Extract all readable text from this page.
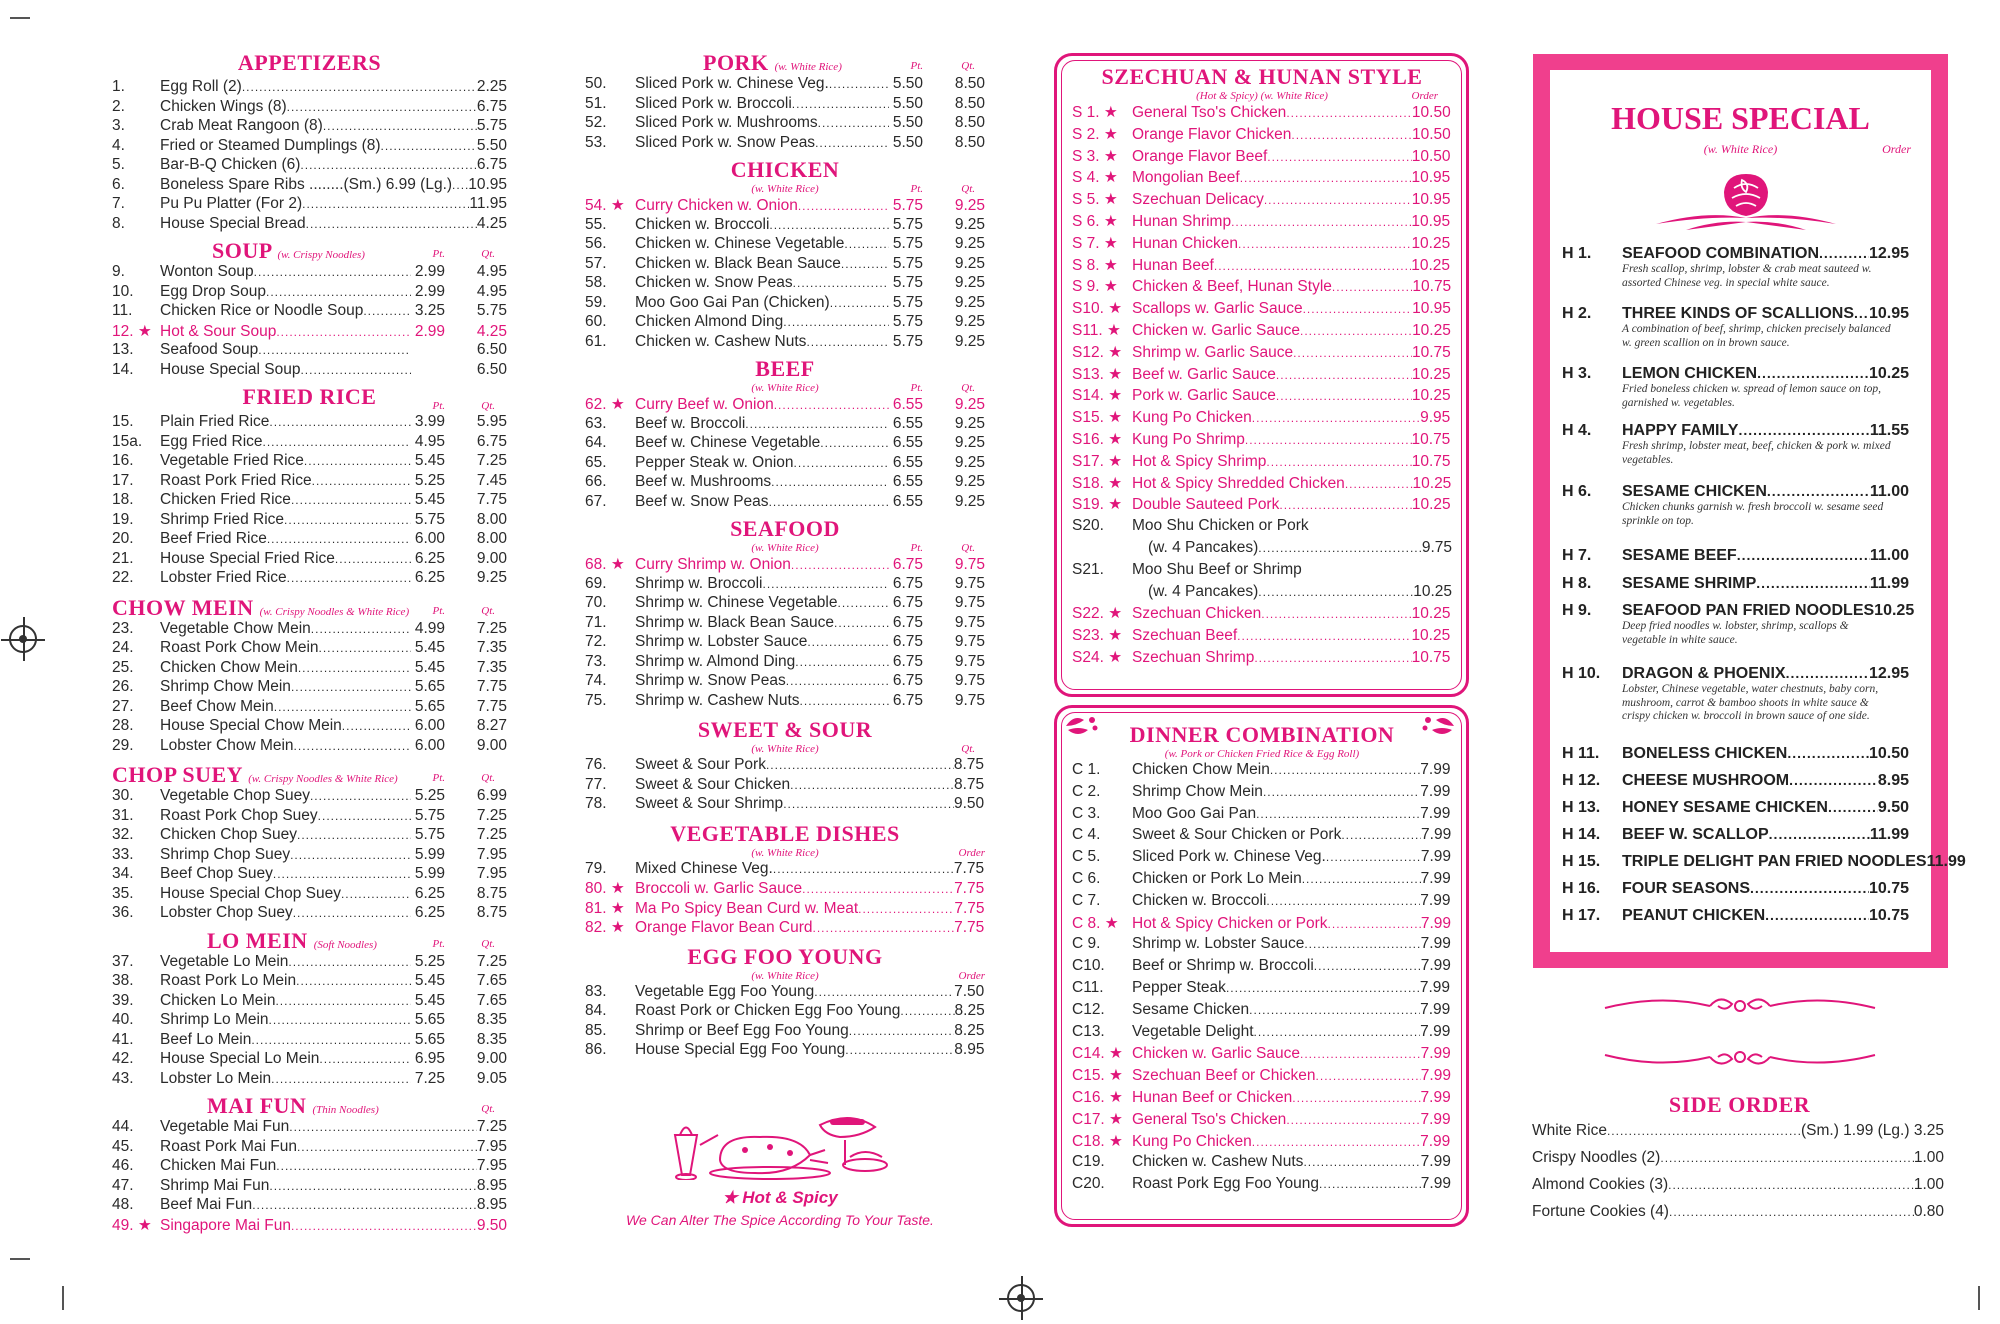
APPETIZERS
1.	Egg Roll (2) .....	2.25
2.	Chicken Wings (8) .....	6.75
3.	Crab Meat Rangoon (8) .....	5.75
4.	Fried or Steamed Dumplings (8) .....	5.50
5.	Bar-B-Q Chicken (6) .....	6.75
6.	Boneless Spare Ribs ........(Sm.) 6.99 (Lg.) ..... 10.95
7.	Pu Pu Platter (For 2) .....	11.95
8.	House Special Bread .....	4.25
SOUP (w. Crispy Noodles)	Pt.	Qt.
9.	Wonton Soup .....	2.99	4.95
10.	Egg Drop Soup .....	2.99	4.95
11.	Chicken Rice or Noodle Soup .....	3.25	5.75
12. ★ Hot & Sour Soup .....	2.99	4.25
13.	Seafood Soup .....	6.50
14.	House Special Soup .....	6.50
FRIED RICE	Pt.	Qt.
15.	Plain Fried Rice .....	3.99	5.95
15a.	Egg Fried Rice .....	4.95	6.75
16.	Vegetable Fried Rice .....	5.45	7.25
17.	Roast Pork Fried Rice .....	5.25	7.45
18.	Chicken Fried Rice .....	5.45	7.75
19.	Shrimp Fried Rice .....	5.75	8.00
20.	Beef Fried Rice .....	6.00	8.00
21.	House Special Fried Rice .....	6.25	9.00
22.	Lobster Fried Rice .....	6.25	9.25
CHOW MEIN (w. Crispy Noodles & White Rice)	Pt.	Qt.
23.	Vegetable Chow Mein .....	4.99	7.25
24.	Roast Pork Chow Mein .....	5.45	7.35
25.	Chicken Chow Mein .....	5.45	7.35
26.	Shrimp Chow Mein .....	5.65	7.75
27.	Beef Chow Mein .....	5.65	7.75
28.	House Special Chow Mein .....	6.00	8.27
29.	Lobster Chow Mein .....	6.00	9.00
CHOP SUEY (w. Crispy Noodles & White Rice)	Pt.	Qt.
30.	Vegetable Chop Suey .....	5.25	6.99
31.	Roast Pork Chop Suey .....	5.75	7.25
32.	Chicken Chop Suey .....	5.75	7.25
33.	Shrimp Chop Suey .....	5.99	7.95
34.	Beef Chop Suey .....	5.99	7.95
35.	House Special Chop Suey .....	6.25	8.75
36.	Lobster Chop Suey .....	6.25	8.75
LO MEIN (Soft Noodles)	Pt.	Qt.
37.	Vegetable Lo Mein .....	5.25	7.25
38.	Roast Pork Lo Mein .....	5.45	7.65
39.	Chicken Lo Mein .....	5.45	7.65
40.	Shrimp Lo Mein .....	5.65	8.35
41.	Beef Lo Mein .....	5.65	8.35
42.	House Special Lo Mein .....	6.95	9.00
43.	Lobster Lo Mein .....	7.25	9.05
MAI FUN (Thin Noodles)	Qt.
44.	Vegetable Mai Fun .....	7.25
45.	Roast Pork Mai Fun .....	7.95
46.	Chicken Mai Fun .....	7.95
47.	Shrimp Mai Fun .....	8.95
48.	Beef Mai Fun .....	8.95
49. ★ Singapore Mai Fun .....	9.50
PORK (w. White Rice)	Pt.	Qt.
50.	Sliced Pork w. Chinese Veg. .....	5.50	8.50
51.	Sliced Pork w. Broccoli .....	5.50	8.50
52.	Sliced Pork w. Mushrooms .....	5.50	8.50
53.	Sliced Pork w. Snow Peas .....	5.50	8.50
CHICKEN
(w. White Rice)	Pt.	Qt.
54. ★ Curry Chicken w. Onion .....	5.75	9.25
55.	Chicken w. Broccoli .....	5.75	9.25
56.	Chicken w. Chinese Vegetable .....	5.75	9.25
57.	Chicken w. Black Bean Sauce .....	5.75	9.25
58.	Chicken w. Snow Peas .....	5.75	9.25
59.	Moo Goo Gai Pan (Chicken) .....	5.75	9.25
60.	Chicken Almond Ding .....	5.75	9.25
61.	Chicken w. Cashew Nuts .....	5.75	9.25
BEEF
(w. White Rice)	Pt.	Qt.
62. ★ Curry Beef w. Onion .....	6.55	9.25
63.	Beef w. Broccoli .....	6.55	9.25
64.	Beef w. Chinese Vegetable .....	6.55	9.25
65.	Pepper Steak w. Onion .....	6.55	9.25
66.	Beef w. Mushrooms .....	6.55	9.25
67.	Beef w. Snow Peas .....	6.55	9.25
SEAFOOD
(w. White Rice)	Pt.	Qt.
68. ★ Curry Shrimp w. Onion .....	6.75	9.75
69.	Shrimp w. Broccoli .....	6.75	9.75
70.	Shrimp w. Chinese Vegetable .....	6.75	9.75
71.	Shrimp w. Black Bean Sauce .....	6.75	9.75
72.	Shrimp w. Lobster Sauce .....	6.75	9.75
73.	Shrimp w. Almond Ding .....	6.75	9.75
74.	Shrimp w. Snow Peas .....	6.75	9.75
75.	Shrimp w. Cashew Nuts .....	6.75	9.75
SWEET & SOUR
(w. White Rice)	Qt.
76.	Sweet & Sour Pork .....	8.75
77.	Sweet & Sour Chicken .....	8.75
78.	Sweet & Sour Shrimp .....	9.50
VEGETABLE DISHES
(w. White Rice)	Order
79.	Mixed Chinese Veg. .....	7.75
80. ★ Broccoli w. Garlic Sauce .....	7.75
81. ★ Ma Po Spicy Bean Curd w. Meat .....	7.75
82. ★ Orange Flavor Bean Curd .....	7.75
EGG FOO YOUNG
(w. White Rice)	Order
83.	Vegetable Egg Foo Young .....	7.50
84.	Roast Pork or Chicken Egg Foo Young .....	8.25
85.	Shrimp or Beef Egg Foo Young .....	8.25
86.	House Special Egg Foo Young .....	8.95
★ Hot & Spicy
We Can Alter The Spice According To Your Taste.
SZECHUAN & HUNAN STYLE
(Hot & Spicy) (w. White Rice)	Order
S 1. ★ General Tso's Chicken .....	10.50
S 2. ★ Orange Flavor Chicken .....	10.50
S 3. ★ Orange Flavor Beef .....	10.50
S 4. ★ Mongolian Beef .....	10.95
S 5. ★ Szechuan Delicacy .....	10.95
S 6. ★ Hunan Shrimp .....	10.95
S 7. ★ Hunan Chicken .....	10.25
S 8. ★ Hunan Beef .....	10.25
S 9. ★ Chicken & Beef, Hunan Style .....	10.75
S10. ★ Scallops w. Garlic Sauce .....	10.95
S11. ★ Chicken w. Garlic Sauce .....	10.25
S12. ★ Shrimp w. Garlic Sauce .....	10.75
S13. ★ Beef w. Garlic Sauce .....	10.25
S14. ★ Pork w. Garlic Sauce .....	10.25
S15. ★ Kung Po Chicken .....	9.95
S16. ★ Kung Po Shrimp .....	10.75
S17. ★ Hot & Spicy Shrimp .....	10.75
S18. ★ Hot & Spicy Shredded Chicken .....	10.25
S19. ★ Double Sauteed Pork .....	10.25
S20.	Moo Shu Chicken or Pork
(w. 4 Pancakes) .....	9.75
S21.	Moo Shu Beef or Shrimp
(w. 4 Pancakes) .....	10.25
S22. ★ Szechuan Chicken .....	10.25
S23. ★ Szechuan Beef .....	10.25
S24. ★ Szechuan Shrimp .....	10.75
DINNER COMBINATION
(w. Pork or Chicken Fried Rice & Egg Roll)
C 1.	Chicken Chow Mein .....	7.99
C 2.	Shrimp Chow Mein .....	7.99
C 3.	Moo Goo Gai Pan .....	7.99
C 4.	Sweet & Sour Chicken or Pork .....	7.99
C 5.	Sliced Pork w. Chinese Veg. .....	7.99
C 6.	Chicken or Pork Lo Mein .....	7.99
C 7.	Chicken w. Broccoli .....	7.99
C 8. ★ Hot & Spicy Chicken or Pork .....	7.99
C 9.	Shrimp w. Lobster Sauce .....	7.99
C10.	Beef or Shrimp w. Broccoli .....	7.99
C11.	Pepper Steak .....	7.99
C12.	Sesame Chicken .....	7.99
C13.	Vegetable Delight .....	7.99
C14. ★ Chicken w. Garlic Sauce .....	7.99
C15. ★ Szechuan Beef or Chicken .....	7.99
C16. ★ Hunan Beef or Chicken .....	7.99
C17. ★ General Tso's Chicken .....	7.99
C18. ★ Kung Po Chicken .....	7.99
C19.	Chicken w. Cashew Nuts .....	7.99
C20.	Roast Pork Egg Foo Young .....	7.99
HOUSE SPECIAL
(w. White Rice)	Order
H 1.	SEAFOOD COMBINATION .....	12.95
Fresh scallop, shrimp, lobster & crab meat sauteed w. assorted Chinese veg. in special white sauce.
H 2.	THREE KINDS OF SCALLIONS ..... 10.95
A combination of beef, shrimp, chicken precisely balanced w. green scallion on in brown sauce.
H 3.	LEMON CHICKEN .....	10.25
Fried boneless chicken w. spread of lemon sauce on top, garnished w. vegetables.
H 4.	HAPPY FAMILY .....	11.55
Fresh shrimp, lobster meat, beef, chicken & pork w. mixed vegetables.
H 6.	SESAME CHICKEN .....	11.00
Chicken chunks garnish w. fresh broccoli w. sesame seed sprinkle on top.
H 7.	SESAME BEEF .....	11.00
H 8.	SESAME SHRIMP .....	11.99
H 9.	SEAFOOD PAN FRIED NOODLES 10.25
Deep fried noodles w. lobster, shrimp, scallops & vegetable in white sauce.
H 10.	DRAGON & PHOENIX .....	12.95
Lobster, Chinese vegetable, water chestnuts, baby corn, mushroom, carrot & bamboo shoots in white sauce & crispy chicken w. broccoli in brown sauce of one side.
H 11.	BONELESS CHICKEN .....	10.50
H 12.	CHEESE MUSHROOM .....	8.95
H 13.	HONEY SESAME CHICKEN .....	9.50
H 14.	BEEF W. SCALLOP .....	11.99
H 15.	TRIPLE DELIGHT PAN FRIED NOODLES 11.99
H 16.	FOUR SEASONS .....	10.75
H 17.	PEANUT CHICKEN .....	10.75
SIDE ORDER
White Rice .....	(Sm.) 1.99 (Lg.) 3.25
Crispy Noodles (2) .....	1.00
Almond Cookies (3) .....	1.00
Fortune Cookies (4) .....	0.80
